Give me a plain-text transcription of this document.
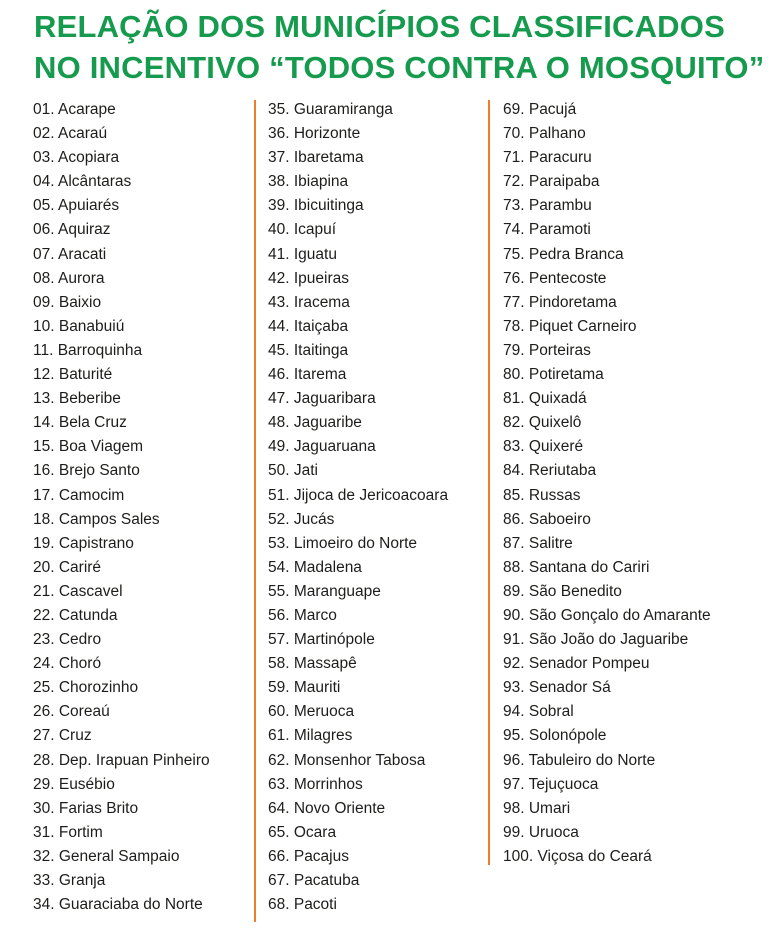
RELAÇÃO DOS MUNICÍPIOS CLASSIFICADOS
NO INCENTIVO “TODOS CONTRA O MOSQUITO”
01. Acarape
02. Acaraú
03. Acopiara
04. Alcântaras
05. Apuiarés
06. Aquiraz
07. Aracati
08. Aurora
09. Baixio
10. Banabuiú
11. Barroquinha
12. Baturité
13. Beberibe
14. Bela Cruz
15. Boa Viagem
16. Brejo Santo
17. Camocim
18. Campos Sales
19. Capistrano
20. Cariré
21. Cascavel
22. Catunda
23. Cedro
24. Choró
25. Chorozinho
26. Coreaú
27. Cruz
28. Dep. Irapuan Pinheiro
29. Eusébio
30. Farias Brito
31. Fortim
32. General Sampaio
33. Granja
34. Guaraciaba do Norte
35. Guaramiranga
36. Horizonte
37. Ibaretama
38. Ibiapina
39. Ibicuitinga
40. Icapuí
41. Iguatu
42. Ipueiras
43. Iracema
44. Itaiçaba
45. Itaitinga
46. Itarema
47. Jaguaribara
48. Jaguaribe
49. Jaguaruana
50. Jati
51. Jijoca de Jericoacoara
52. Jucás
53. Limoeiro do Norte
54. Madalena
55. Maranguape
56. Marco
57. Martinópole
58. Massapê
59. Mauriti
60. Meruoca
61. Milagres
62. Monsenhor Tabosa
63. Morrinhos
64. Novo Oriente
65. Ocara
66. Pacajus
67. Pacatuba
68. Pacoti
69. Pacujá
70. Palhano
71. Paracuru
72. Paraipaba
73. Parambu
74. Paramoti
75. Pedra Branca
76. Pentecoste
77. Pindoretama
78. Piquet Carneiro
79. Porteiras
80. Potiretama
81. Quixadá
82. Quixelô
83. Quixeré
84. Reriutaba
85. Russas
86. Saboeiro
87. Salitre
88. Santana do Cariri
89. São Benedito
90. São Gonçalo do Amarante
91. São João do Jaguaribe
92. Senador Pompeu
93. Senador Sá
94. Sobral
95. Solonópole
96. Tabuleiro do Norte
97. Tejuçuoca
98. Umari
99. Uruoca
100. Viçosa do Ceará
